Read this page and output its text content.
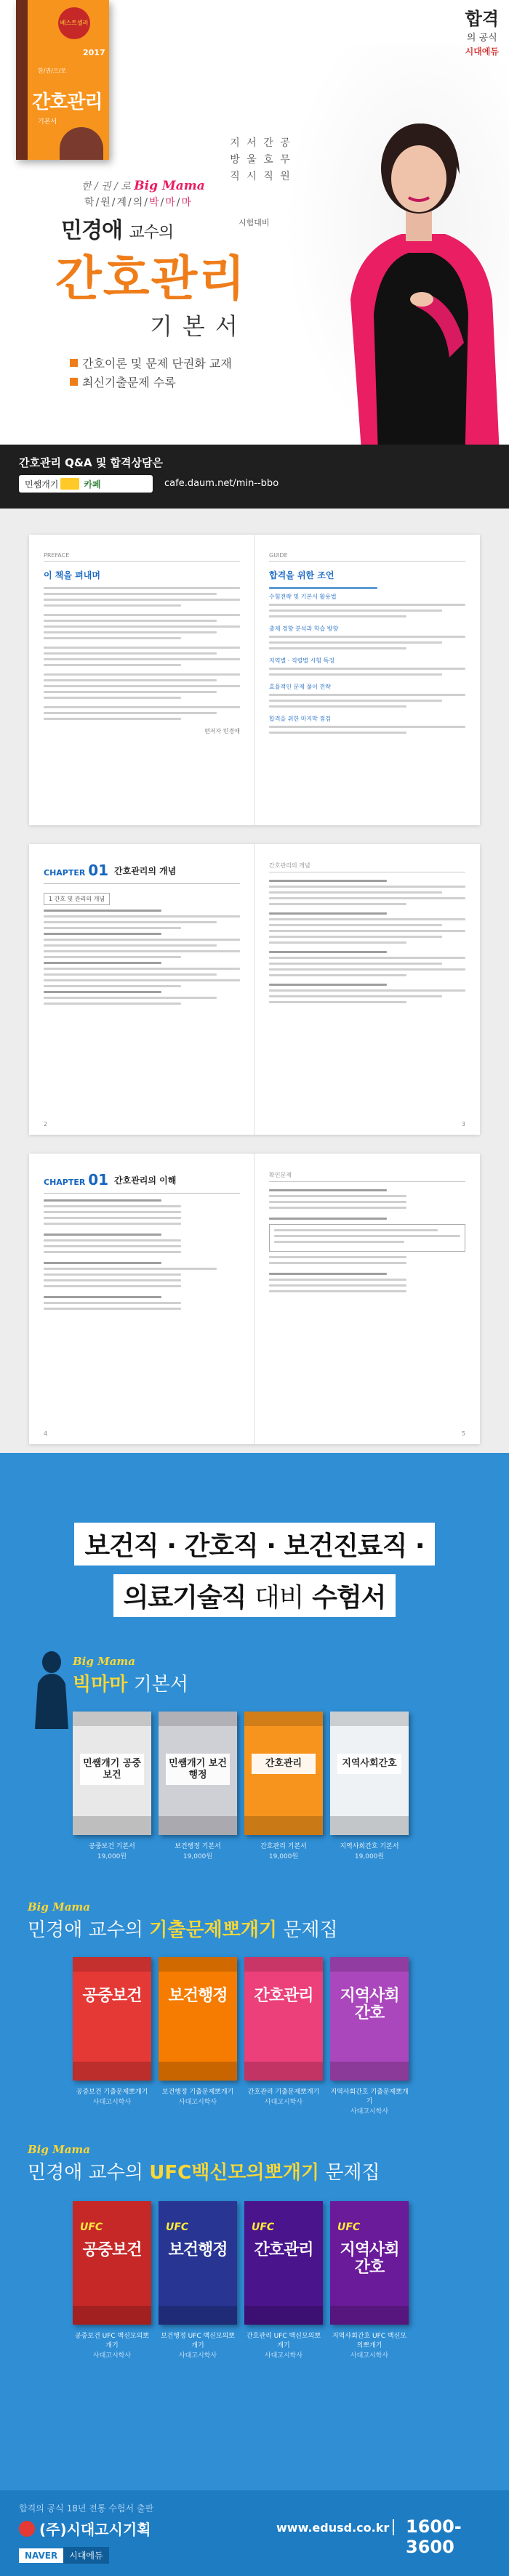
베스트셀러
2017
한/권/으/로
간호관리
기본서
합격
의 공식
시대에듀
서
울
시
지
방
직
간
호
직
공
무
원
시험대비
한 / 권 / 로 Big Mama
학/원/계/의/박/마/마
민경애 교수의
간호관리
기본서
간호이론 및 문제 단권화 교재
최신기출문제 수록
간호관리 Q&A 및 합격상담은
민쌤개기	카페	cafe.daum.net/min--bbo
PREFACE
이 책을 펴내며
편저자 민경애
GUIDE
합격을 위한 조언
수험전략 및 기본서 활용법
출제 경향 분석과 학습 방향
지역별 · 직렬별 시험 특징
효율적인 문제 풀이 전략
합격을 위한 마지막 점검
CHAPTER 01 간호관리의 개념
1 간호 및 관리의 개념
간호관리의 개념
2	3
CHAPTER 01 간호관리의 이해	확인문제
4	5
보건직 · 간호직 · 보건진료직 ·
의료기술직 대비 수험서
Big Mama
빅마마 기본서
민쌤개기 공중보건
민쌤개기 보건행정
간호관리	지역사회간호
공중보건 기본서
19,000원
보건행정 기본서
19,000원
간호관리 기본서
19,000원
지역사회간호 기본서
19,000원
Big Mama
민경애 교수의 기출문제뽀개기 문제집
공중보건	보건행정	간호관리	지역사회간호
공중보건 기출문제뽀개기
사대고시학사
보건행정 기출문제뽀개기
사대고시학사
간호관리 기출문제뽀개기
사대고시학사
지역사회간호 기출문제뽀개기
사대고시학사
Big Mama
민경애 교수의 UFC백신모의뽀개기 문제집
UFC
공중보건
UFC
보건행정
UFC
간호관리
UFC
지역사회간호
공중보건 UFC 백신모의뽀개기
사대고시학사
보건행정 UFC 백신모의뽀개기
사대고시학사
간호관리 UFC 백신모의뽀개기
사대고시학사
지역사회간호 UFC 백신모의뽀개기
사대고시학사
합격의 공식 18년 전통 수험서 출판
(주)시대고시기획	www.edusd.co.kr 1600-3600
NAVER	시대에듀
